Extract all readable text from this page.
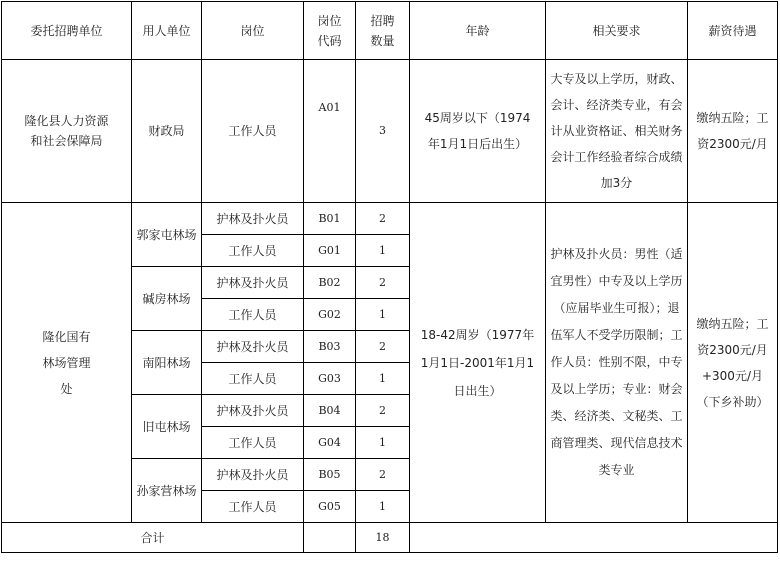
委托招聘单位	用人单位	岗位	岗位代码	招聘数量	年龄	相关要求	薪资待遇
隆化县人力资源和社会保障局	财政局	工作人员	A01	3	45周岁以下（1974年1月1日后出生）	大专及以上学历，财政、会计、经济类专业，有会计从业资格证、相关财务会计工作经验者综合成绩加3分	缴纳五险；工资2300元/月
隆化国有林场管理处	郭家屯林场	护林及扑火员	B01	2	18-42周岁（1977年1月1日-2001年1月1日出生）	护林及扑火员：男性（适宜男性）中专及以上学历（应届毕业生可报）；退伍军人不受学历限制；工作人员：性别不限，中专及以上学历；专业：财会类、经济类、文秘类、工商管理类、现代信息技术类专业	缴纳五险；工资2300元/月+300元/月（下乡补助）
		工作人员	G01	1			
	碱房林场	护林及扑火员	B02	2			
		工作人员	G02	1			
	南阳林场	护林及扑火员	B03	2			
		工作人员	G03	1			
	旧屯林场	护林及扑火员	B04	2			
		工作人员	G04	1			
	孙家营林场	护林及扑火员	B05	2			
		工作人员	G05	1			
合计				18			
